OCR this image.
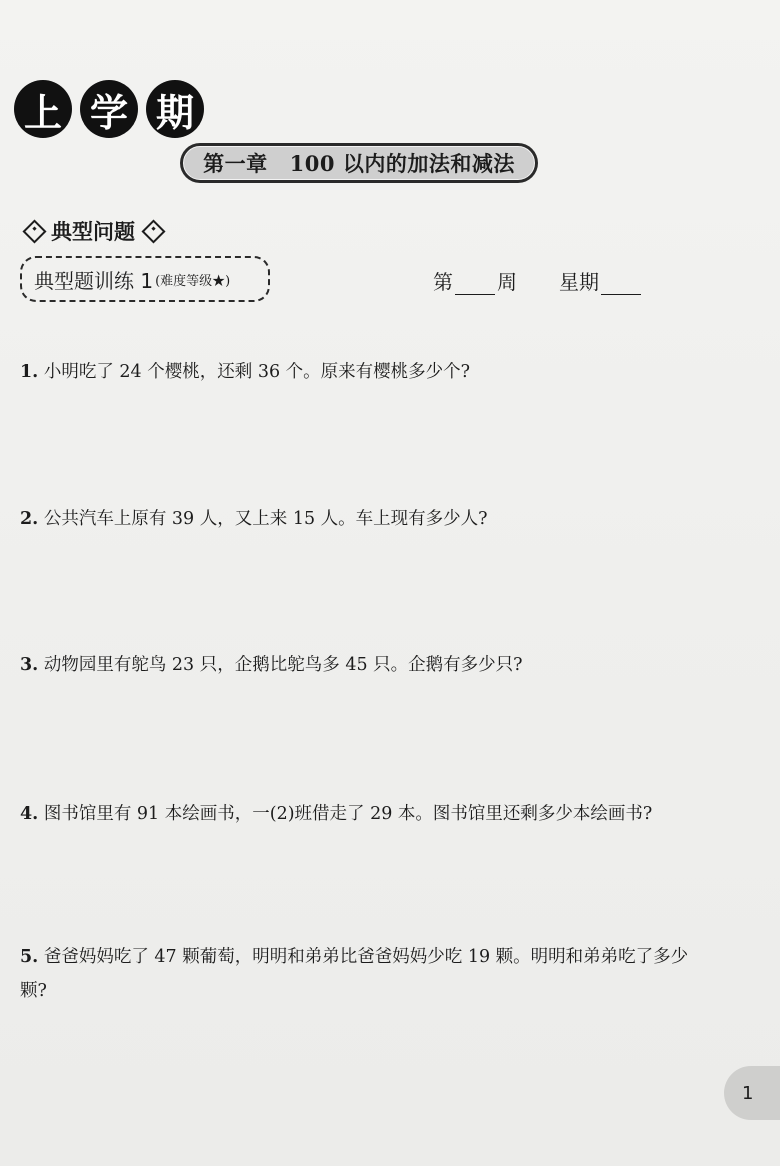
上 学 期
第一章 100 以内的加法和减法
典型问题
典型题训练 1 (难度等级★)	第 周 星期
1. 小明吃了 24 个樱桃，还剩 36 个。原来有樱桃多少个?
2. 公共汽车上原有 39 人，又上来 15 人。车上现有多少人?
3. 动物园里有鸵鸟 23 只，企鹅比鸵鸟多 45 只。企鹅有多少只?
4. 图书馆里有 91 本绘画书，一(2)班借走了 29 本。图书馆里还剩多少本绘画书?
5. 爸爸妈妈吃了 47 颗葡萄，明明和弟弟比爸爸妈妈少吃 19 颗。明明和弟弟吃了多少颗?
1
